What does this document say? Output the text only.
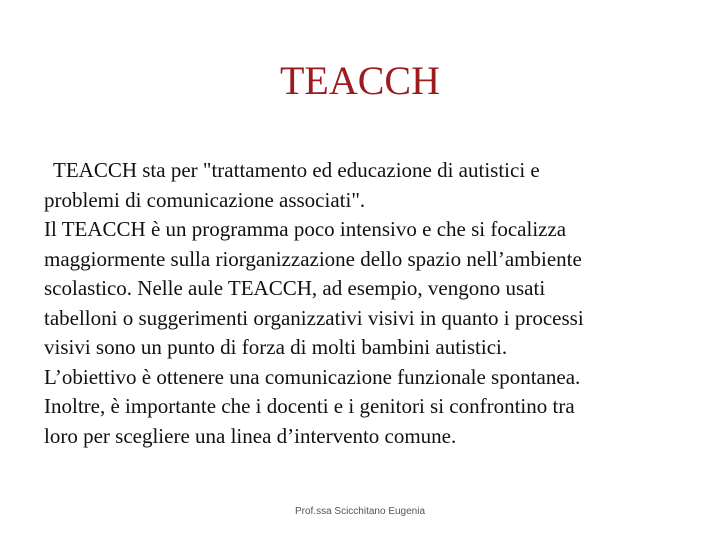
TEACCH

TEACCH sta per "trattamento ed educazione di autistici e

problemi di comunicazione associati".

Il TEACCH è un programma poco intensivo e che si focalizza

maggiormente sulla riorganizzazione dello spazio nell’ambiente

scolastico. Nelle aule TEACCH, ad esempio, vengono usati

tabelloni o suggerimenti organizzativi visivi in quanto i processi

visivi sono un punto di forza di molti bambini autistici.

L’obiettivo è ottenere una comunicazione funzionale spontanea.

Inoltre, è importante che i docenti e i genitori si confrontino tra

loro per scegliere una linea d’intervento comune.

Prof.ssa Scicchitano Eugenia
